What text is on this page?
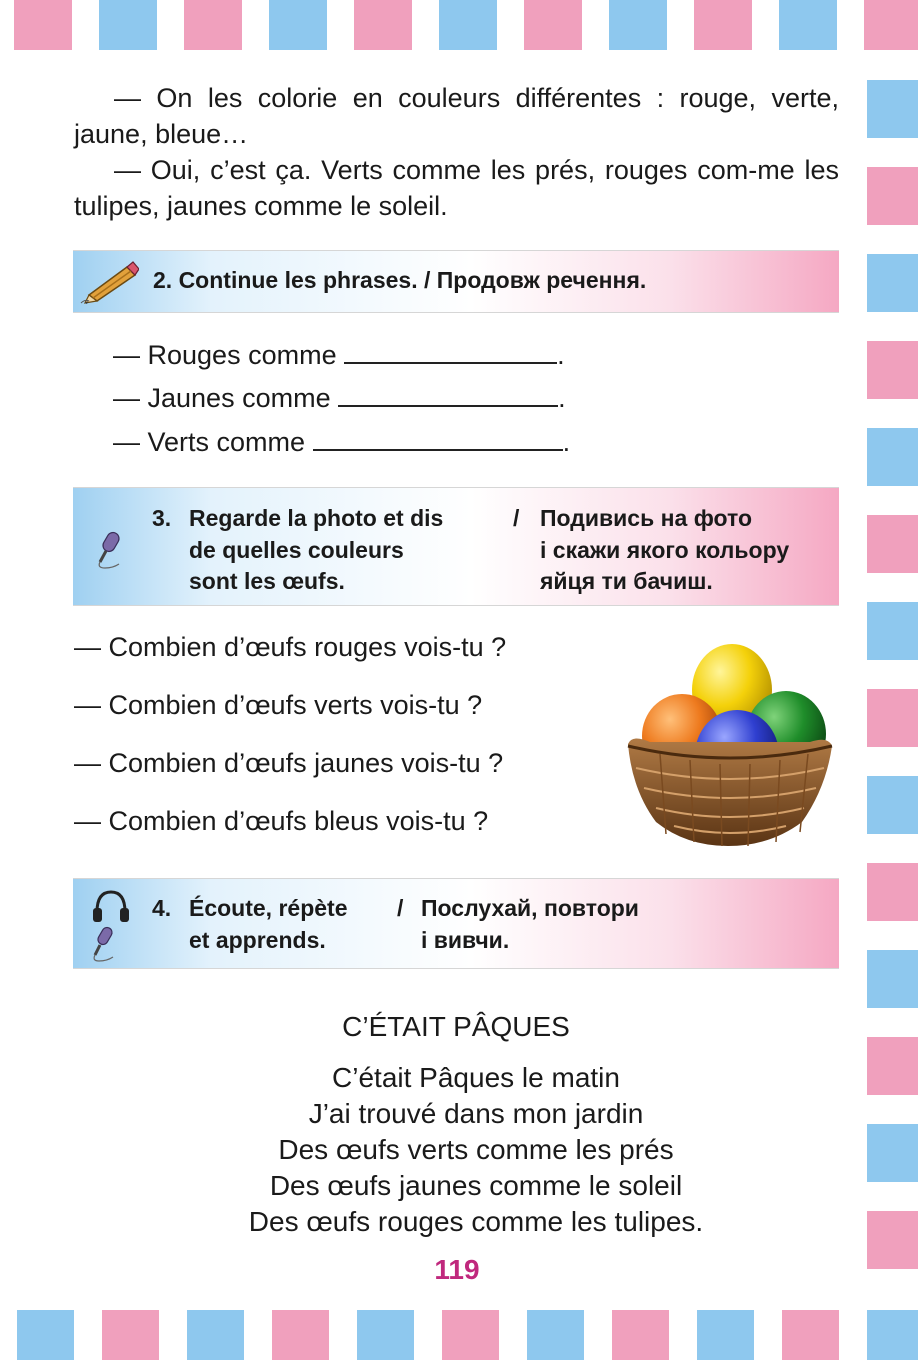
— On les colorie en couleurs différentes : rouge, verte, jaune, bleue…

— Oui, c’est ça. Verts comme les prés, rouges com-me les tulipes, jaunes comme le soleil.

2. Continue les phrases. / Продовж речення.
— Rouges comme	.
— Jaunes comme	.
— Verts comme	.
3. Regarde la photo et dis
de quelles couleurs
sont les œufs.
/ Подивись на фото
і скажи якого кольору
яйця ти бачиш.
— Combien d’œufs rouges vois-tu ?
— Combien d’œufs verts vois-tu ?
— Combien d’œufs jaunes vois-tu ?
— Combien d’œufs bleus vois-tu ?
4. Écoute, répète
et apprends.
/ Послухай, повтори
і вивчи.
C’ÉTAIT PÂQUES
C’était Pâques le matin
J’ai trouvé dans mon jardin
Des œufs verts comme les prés
Des œufs jaunes comme le soleil
Des œufs rouges comme les tulipes.
119
